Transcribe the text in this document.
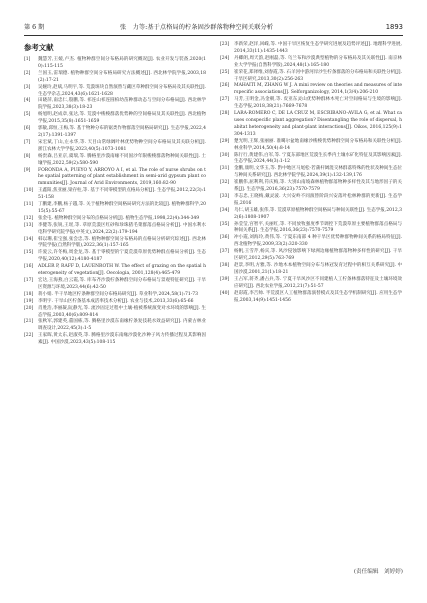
第 6 期	张　力等:基于点格局的柠条固沙群落物种空间关联分析	1893
参考文献
[1]	魏慧芳,王媛,卢杰. 植物种群空间分布格局的研究概况[J]. 农业开发与装备,2020(10):115-115
[2]	兰国玉,雷瑞德. 植物种群空间分布格局研究方法概述[J]. 西北林学院学报,2003,18(2):17-21
[3]	吴婉玲,赵斌,马明宇,等. 荒漠斑块自然演替与藏区草种群空间分布格局及其关联性[J]. 生态学杂志,2024,43(6):1621-1628
[4]	田晓萍,南忠仁,殷鹏,等. 祁连山祁连圆柏幼苗种群动态与空间分布格局[J]. 西北林学院学报,2023,38(3):18-23
[5]	杨旭明,赵成章,张达,等. 荒漠中梭梭群落优势种的空间格局及其关联性[J]. 西北植物学报,2015,35(8):1651-1659
[6]	郭敏,邱恒,王梅,等. 基于物种分布的锯类作物群落空间格局研究[J]. 生态学报,2022,42(17):1391-1397
[7]	宋宏斌,丁山,左永华,等. 天目山常绿阔叶林优势物种空间分布格局及其关联分析[J]. 浙江农林大学学报,2023,40(5):1073-1081
[8]	杨贵森,吕亚京,虞瑞,等. 腾格里沙漠南缘不同固沙年限梭梭群落物种间关联性[J]. 土壤学报,2022,59(2):580-590
[9]	FORONDA A, PUEYO Y, ARROYO A I, et al. The role of nurse shrubs on the spatial patterning of plant establishment in semi-arid gypsum plant communities[J]. Journal of Arid Environments, 2019,160:82-90
[10]	王鑫阳,焦亚丽,梁存柱,等. 基于不同零模型的点格局分析[J]. 生态学报,2012,22(3):151-158
[11]	丁鹏建,李鹏,杨子越,等. 关于植物种群空间格局研究方法的比较[J]. 植物种群科学,2015(5):55-67
[12]	张金屯. 植物种群空间分布的点格局分析[J]. 植物生态学报,1998,22(4):344-349
[13]	李健等,张锐,王瑶,等. 草原荒漠区红砂和珍珠猪毛菜群落点格局分析[J]. 中国水利水电科学研究院学报(中英文),2024,22(2):179-194
[14]	韩以珊,崔宝强,张会忠,等. 植物种群空间分布格局的点格局分析研究综述[J]. 西北林学院学报(自然科学版),2022,36(1):157-165
[15]	许爱云,许冬梅,周金龙,等. 基于零模型的宁夏荒漠草原优势种群点格局分析[J]. 生态学报,2020,40(12):4180-4187
[16]	ADLER P, RAFF D, LAUENROTH W. The effect of grazing on the spatial heterogeneity of vegetation[J]. Oecologia, 2001,128(4):465-479
[17]	宏达,王海燕,白云霞,等. 库布齐沙漠柠条种群空间分布格局与景观特征研究[J]. 干旱区资源与环境,2023,44(6):42-50
[18]	蒋小娟. 半干旱地区柠条种群空间分布格局研究[J]. 草业科学,2024,58(1):71-73
[19]	李明宇. 干旱山区柠条基本成活率技术分析[J]. 农业与技术,2013,33(6):65-66
[20]	肖胜浩,李丽凝,阮静光,等. 流沙固定过程中土壤-植被系统演变对水环境的影响[J]. 生态学报,2003,40(6):809-814
[21]	张秋军,郭建英,董国栋,等. 腾格里沙漠东南缘柠条复技耗水效益研究[J]. 内蒙古林业调查设计,2022,45(3):1-5
[22]	王家晖,黄太东,赵淑英,等. 腾格里沙漠东南缘沙漠化沙种子风力传播过程及其影响因素[J]. 中国沙漠,2023,43(5):108-115
[23]	李新荣,赵洋,回嵘,等. 中国干旱区恢复生态学研究进展及趋势评述[J]. 地理科学进展,2014,33(11):1435-1443
[24]	丹卿朗,周天韵,赵刚磊,等. 乌兰布和沙漠典型植物的分布格局及其关联性[J]. 南京林业大学学报(自然科学版),2024,48(1):165-180
[25]	崔荣花,郑铎维,刘春霞,等. 石羊河中游河岸沙生柠条群落的分布格局和关联性分析[J]. 干旱区研究,2013,30(2):256-263
[26]	MAHAITI M, ZHANG W J. A mini review on theories and measures of interspecific associations[J]. Selforganizology, 2014,1(3/4):206-210
[27]	马芳,王明金,冯金朝,等. 皮亚东灵山优势种群林木死亡对空间格局与生境的影响[J]. 生态学报,2018,38(21):7669-7678
[28]	LARA-ROMERO C, DE LA CRUZ M, ESCRIBANO-AVILA G, et al. What causes conspecific plant aggregation? Disentangling the role of dispersal, habitat heterogeneity and plant-plant interactions[J]. Oikos, 2016,125(9):1304-1313
[29]	楚光明,王辉,张丽丽. 准噶尔盆地南缘沙梭梭优势种群空间分布格局和关联性分析[J]. 林业科学,2014,50(4):8-14
[30]	陈行行,黄建伟,白军,等. 宁夏东部地区荒漠生长季内土壤水矿化特征及其影响因素[J]. 生态学报,2024,44(3):1-12
[31]	金鹏,康明,文华玉,等. 黔中地区马尾松-若蒲杆阔混交林群落特殊的性状及种间生态位与种间关系研究[J]. 西北林学院学报,2024,39(1):132-139,176
[32]	崔鹏伟,屈利利,符庆梅,等. 大别山南坡森林植物群落物种多样性及其与地形因子的关系[J]. 生态学报,2016,36(23):7570-7579
[33]	李志忠,王晓梅,戴灵波. 大兴安岭不同演替阶段兴安落叶松林种群的更新[J]. 生态学报,2016
[34]	乌仁,胡玉雄,张伟,等. 荒漠草原植物种群空间格局与种间关联性[J]. 生态学报,2012,32(6):1808-1907
[35]	孙莹莹,宫智平,关丽红,等. 不同放牧强度季节调控下荒漠草原主要植物群落点格局与种间关系[J]. 生态学报,2016,36(23):7570-7579
[36]	冲小霞,刘海玲,黄伟,等. 宁夏东南部 4 种干旱区优势种群物种间关系的格局特征[J]. 西北植物学报,2009,33(2):320-330
[37]	杨帆,王雪芹,杨宾,等. 风沙侵蚀影响下绿洲边缘植物群落物种多样性的研究[J]. 干旱区研究,2012,29(5):763-769
[38]	赵景,李明,方雅,等. 沙地木本植物空间分布与林冠发育过程中的相互关系研究[J]. 中国沙漠,2001,21(1):18-21
[39]	王占军,蒋齐,潘占兵,等. 宁夏干旱风沙区不同建植人工柠条林群落特征及土壤环境效应研究[J]. 西北农业学报,2012,21(7):51-57
[40]	赵彩霞,李吉帅. 半荒漠区人工植物群落演替模式及其生态学机制研究[J]. 应用生态学报,2003,14(9):1451-1456
(责任编辑　刘婷婷)
